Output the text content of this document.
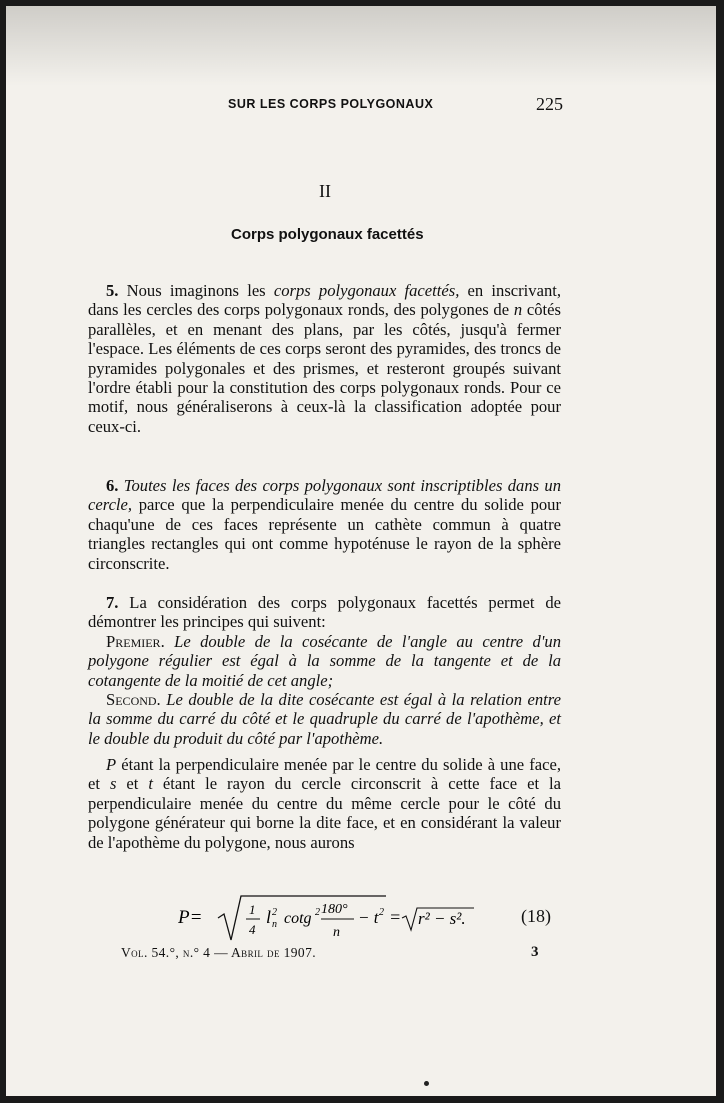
SUR LES CORPS POLYGONAUX	225
II
Corps polygonaux facettés
5. Nous imaginons les corps polygonaux facettés, en inscrivant, dans les cercles des corps polygonaux ronds, des polygones de n côtés parallèles, et en menant des plans, par les côtés, jusqu'à fermer l'espace. Les éléments de ces corps seront des pyramides, des troncs de pyramides polygonales et des prismes, et resteront groupés suivant l'ordre établi pour la constitution des corps polygonaux ronds. Pour ce motif, nous généraliserons à ceux-là la classification adoptée pour ceux-ci.
6. Toutes les faces des corps polygonaux sont inscriptibles dans un cercle, parce que la perpendiculaire menée du centre du solide pour chaqu'une de ces faces représente un cathète commun à quatre triangles rectangles qui ont comme hypoténuse le rayon de la sphère circonscrite.
7. La considération des corps polygonaux facettés permet de démontrer les principes qui suivent:
Premier. Le double de la cosécante de l'angle au centre d'un polygone régulier est égal à la somme de la tangente et de la cotangente de la moitié de cet angle;
Second. Le double de la dite cosécante est égal à la relation entre la somme du carré du côté et le quadruple du carré de l'apothème, et le double du produit du côté par l'apothème.
P étant la perpendiculaire menée par le centre du solide à une face, et s et t étant le rayon du cercle circonscrit à cette face et la perpendiculaire menée du centre du même cercle pour le côté du polygone générateur qui borne la dite face, et en considérant la valeur de l'apothème du polygone, nous aurons
P=	1
4
l 2
n cotg 2 180°
n
− t 2 = r² − s².	(18)
Vol. 54.°, n.° 4 — Abril de 1907.	3
